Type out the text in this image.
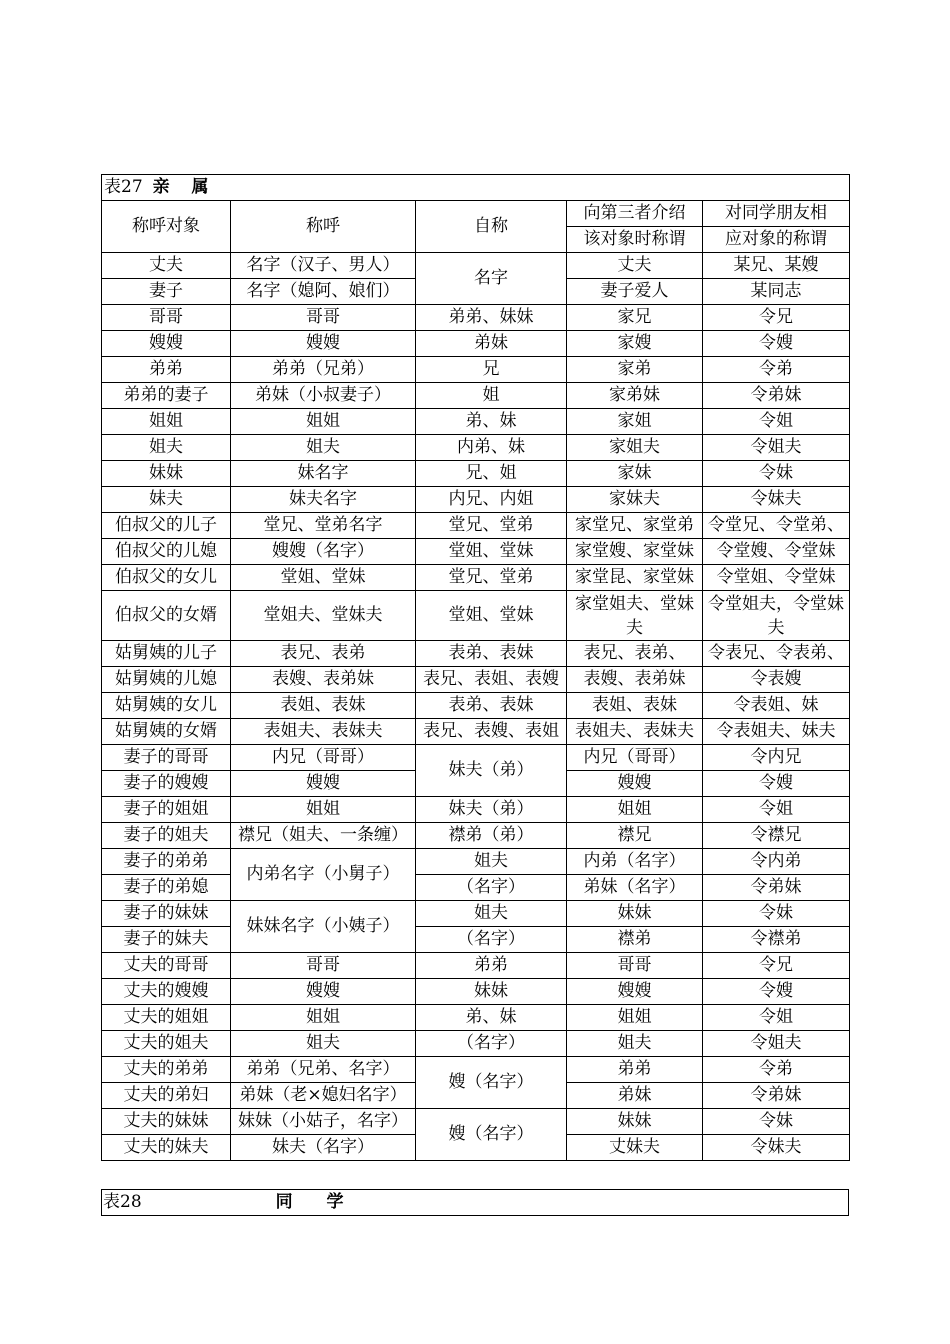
表27 亲 属				
称呼对象	称呼	自称	向第三者介绍	对同学朋友相
			该对象时称谓	应对象的称谓
丈夫	名字（汉子、男人）	名字	丈夫	某兄、某嫂
妻子	名字（媳阿、娘们）		妻子爱人	某同志
哥哥	哥哥	弟弟、妹妹	家兄	令兄
嫂嫂	嫂嫂	弟妹	家嫂	令嫂
弟弟	弟弟（兄弟）	兄	家弟	令弟
弟弟的妻子	弟妹（小叔妻子）	姐	家弟妹	令弟妹
姐姐	姐姐	弟、妹	家姐	令姐
姐夫	姐夫	内弟、妹	家姐夫	令姐夫
妹妹	妹名字	兄、姐	家妹	令妹
妹夫	妹夫名字	内兄、内姐	家妹夫	令妹夫
伯叔父的儿子	堂兄、堂弟名字	堂兄、堂弟	家堂兄、家堂弟	令堂兄、令堂弟、
伯叔父的儿媳	嫂嫂（名字）	堂姐、堂妹	家堂嫂、家堂妹	令堂嫂、令堂妹
伯叔父的女儿	堂姐、堂妹	堂兄、堂弟	家堂昆、家堂妹	令堂姐、令堂妹
伯叔父的女婿	堂姐夫、堂妹夫	堂姐、堂妹	家堂姐夫、堂妹夫	令堂姐夫，令堂妹夫
姑舅姨的儿子	表兄、表弟	表弟、表妹	表兄、表弟、	令表兄、令表弟、
姑舅姨的儿媳	表嫂、表弟妹	表兄、表姐、表嫂	表嫂、表弟妹	令表嫂
姑舅姨的女儿	表姐、表妹	表弟、表妹	表姐、表妹	令表姐、妹
姑舅姨的女婿	表姐夫、表妹夫	表兄、表嫂、表姐	表姐夫、表妹夫	令表姐夫、妹夫
妻子的哥哥	内兄（哥哥）	妹夫（弟）	内兄（哥哥）	令内兄
妻子的嫂嫂	嫂嫂		嫂嫂	令嫂
妻子的姐姐	姐姐	妹夫（弟）	姐姐	令姐
妻子的姐夫	襟兄（姐夫、一条缠）	襟弟（弟）	襟兄	令襟兄
妻子的弟弟	内弟名字（小舅子）	姐夫	内弟（名字）	令内弟
妻子的弟媳		（名字）	弟妹（名字）	令弟妹
妻子的妹妹	妹妹名字（小姨子）	姐夫	妹妹	令妹
妻子的妹夫		（名字）	襟弟	令襟弟
丈夫的哥哥	哥哥	弟弟	哥哥	令兄
丈夫的嫂嫂	嫂嫂	妹妹	嫂嫂	令嫂
丈夫的姐姐	姐姐	弟、妹	姐姐	令姐
丈夫的姐夫	姐夫	（名字）	姐夫	令姐夫
丈夫的弟弟	弟弟（兄弟、名字）	嫂（名字）	弟弟	令弟
丈夫的弟妇	弟妹（老×媳妇名字）		弟妹	令弟妹
丈夫的妹妹	妹妹（小姑子，名字）	嫂（名字）	妹妹	令妹
丈夫的妹夫	妹夫（名字）		丈妹夫	令妹夫
表28	同 学
